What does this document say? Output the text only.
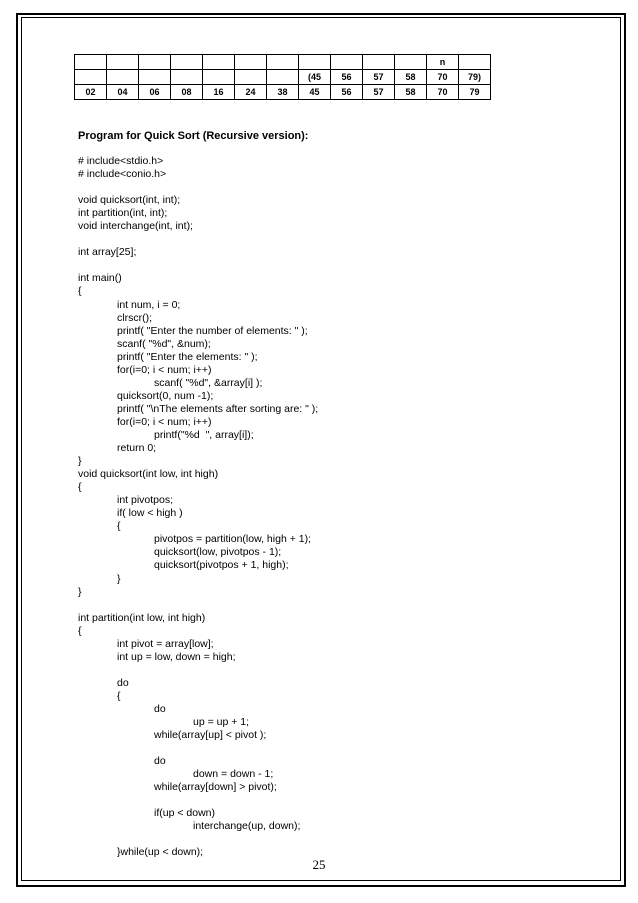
											n	
							(45	56	57	58	70	79)
02	04	06	08	16	24	38	45	56	57	58	70	79
Program for Quick Sort (Recursive version):
# include<stdio.h>
# include<conio.h>
void quicksort(int, int);
int partition(int, int);
void interchange(int, int);
int array[25];
int main()
{
int num, i = 0;
clrscr();
printf( "Enter the number of elements: " );
scanf( "%d", &num);
printf( "Enter the elements: " );
for(i=0; i < num; i++)
scanf( "%d", &array[i] );
quicksort(0, num -1);
printf( "\nThe elements after sorting are: " );
for(i=0; i < num; i++)
printf("%d  ", array[i]);
return 0;
}
void quicksort(int low, int high)
{
int pivotpos;
if( low < high )
{
pivotpos = partition(low, high + 1);
quicksort(low, pivotpos - 1);
quicksort(pivotpos + 1, high);
}
}
int partition(int low, int high)
{
int pivot = array[low];
int up = low, down = high;
do
{
do
up = up + 1;
while(array[up] < pivot );
do
down = down - 1;
while(array[down] > pivot);
if(up < down)
interchange(up, down);
}while(up < down);
25
